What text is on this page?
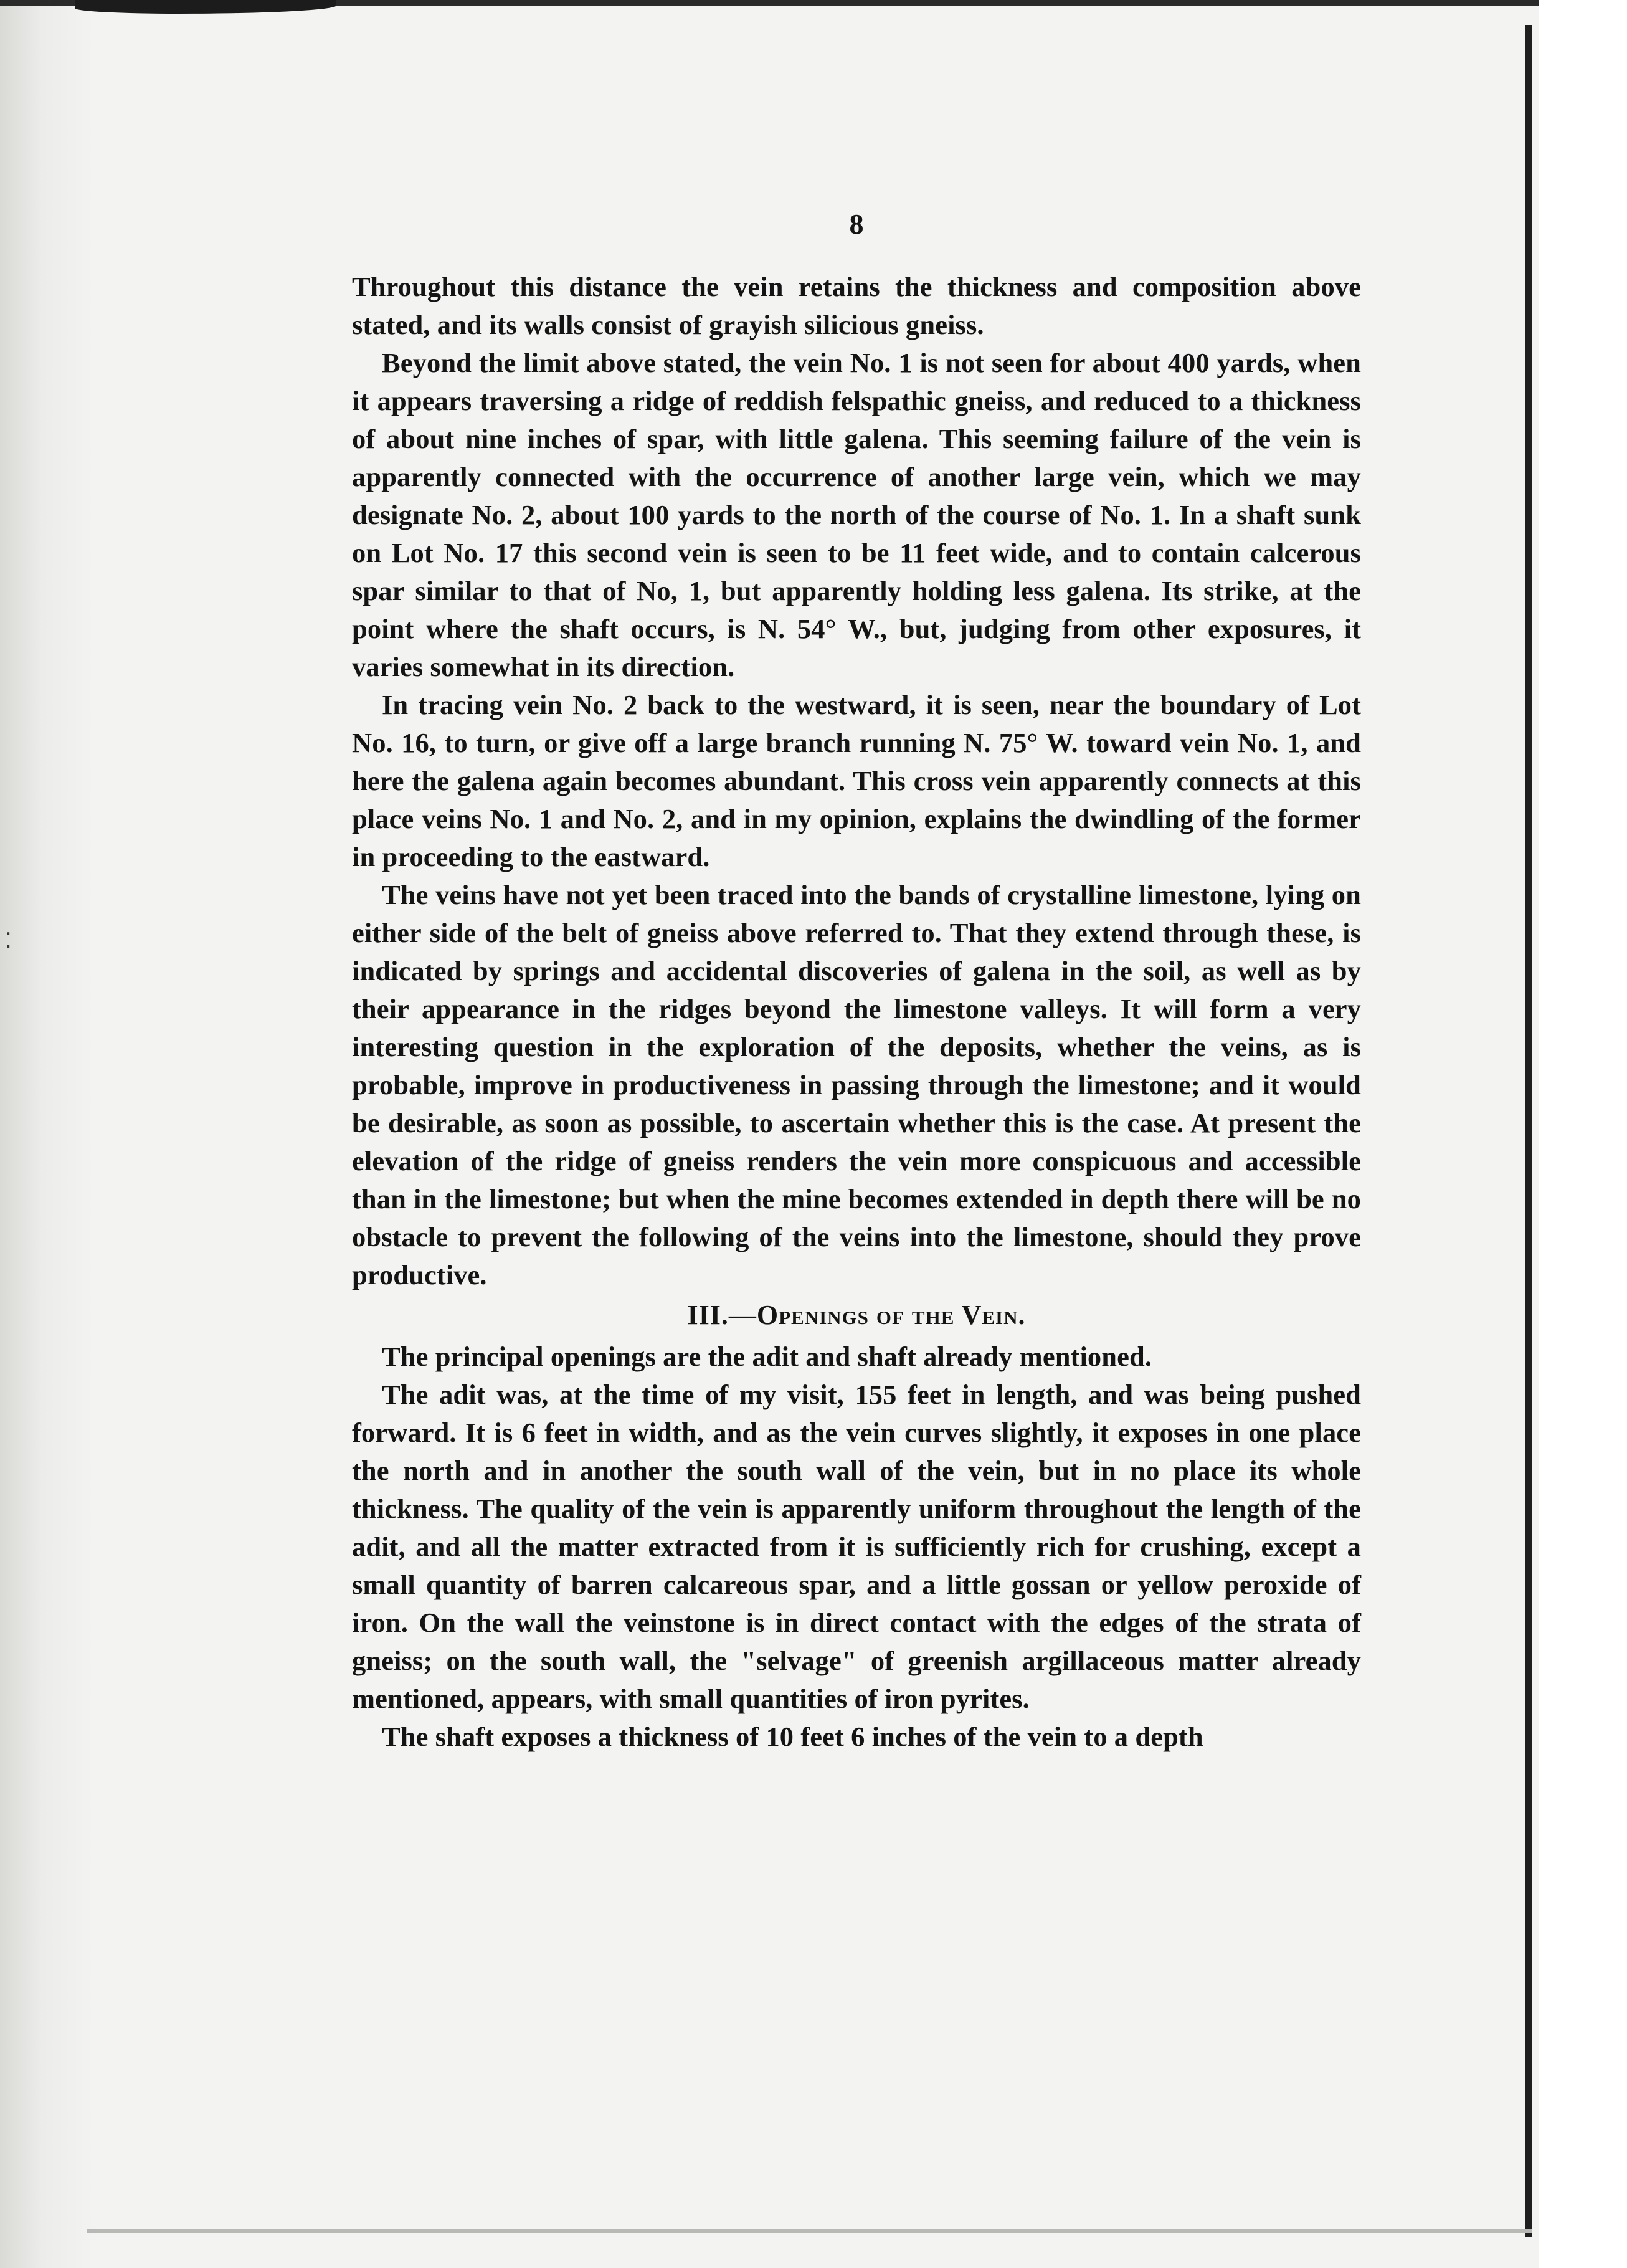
⁚
8

Throughout this distance the vein retains the thickness and composition above stated, and its walls consist of grayish silicious gneiss.

Beyond the limit above stated, the vein No. 1 is not seen for about 400 yards, when it appears traversing a ridge of reddish felspathic gneiss, and reduced to a thickness of about nine inches of spar, with little galena. This seeming failure of the vein is apparently connected with the occurrence of another large vein, which we may designate No. 2, about 100 yards to the north of the course of No. 1. In a shaft sunk on Lot No. 17 this second vein is seen to be 11 feet wide, and to contain calcerous spar similar to that of No, 1, but apparently holding less galena. Its strike, at the point where the shaft occurs, is N. 54° W., but, judging from other exposures, it varies somewhat in its direction.

In tracing vein No. 2 back to the westward, it is seen, near the boundary of Lot No. 16, to turn, or give off a large branch running N. 75° W. toward vein No. 1, and here the galena again becomes abundant. This cross vein apparently connects at this place veins No. 1 and No. 2, and in my opinion, explains the dwindling of the former in proceeding to the eastward.

The veins have not yet been traced into the bands of crystalline limestone, lying on either side of the belt of gneiss above referred to. That they extend through these, is indicated by springs and accidental discoveries of galena in the soil, as well as by their appearance in the ridges beyond the limestone valleys. It will form a very interesting question in the exploration of the deposits, whether the veins, as is probable, improve in productiveness in passing through the limestone; and it would be desirable, as soon as possible, to ascertain whether this is the case. At present the elevation of the ridge of gneiss renders the vein more conspicuous and accessible than in the limestone; but when the mine becomes extended in depth there will be no obstacle to prevent the following of the veins into the limestone, should they prove productive.

III.—Openings of the Vein.

The principal openings are the adit and shaft already mentioned.

The adit was, at the time of my visit, 155 feet in length, and was being pushed forward. It is 6 feet in width, and as the vein curves slightly, it exposes in one place the north and in another the south wall of the vein, but in no place its whole thickness. The quality of the vein is apparently uniform throughout the length of the adit, and all the matter extracted from it is sufficiently rich for crushing, except a small quantity of barren calcareous spar, and a little gossan or yellow peroxide of iron. On the wall the veinstone is in direct contact with the edges of the strata of gneiss; on the south wall, the "selvage" of greenish argillaceous matter already mentioned, appears, with small quantities of iron pyrites.

The shaft exposes a thickness of 10 feet 6 inches of the vein to a depth
